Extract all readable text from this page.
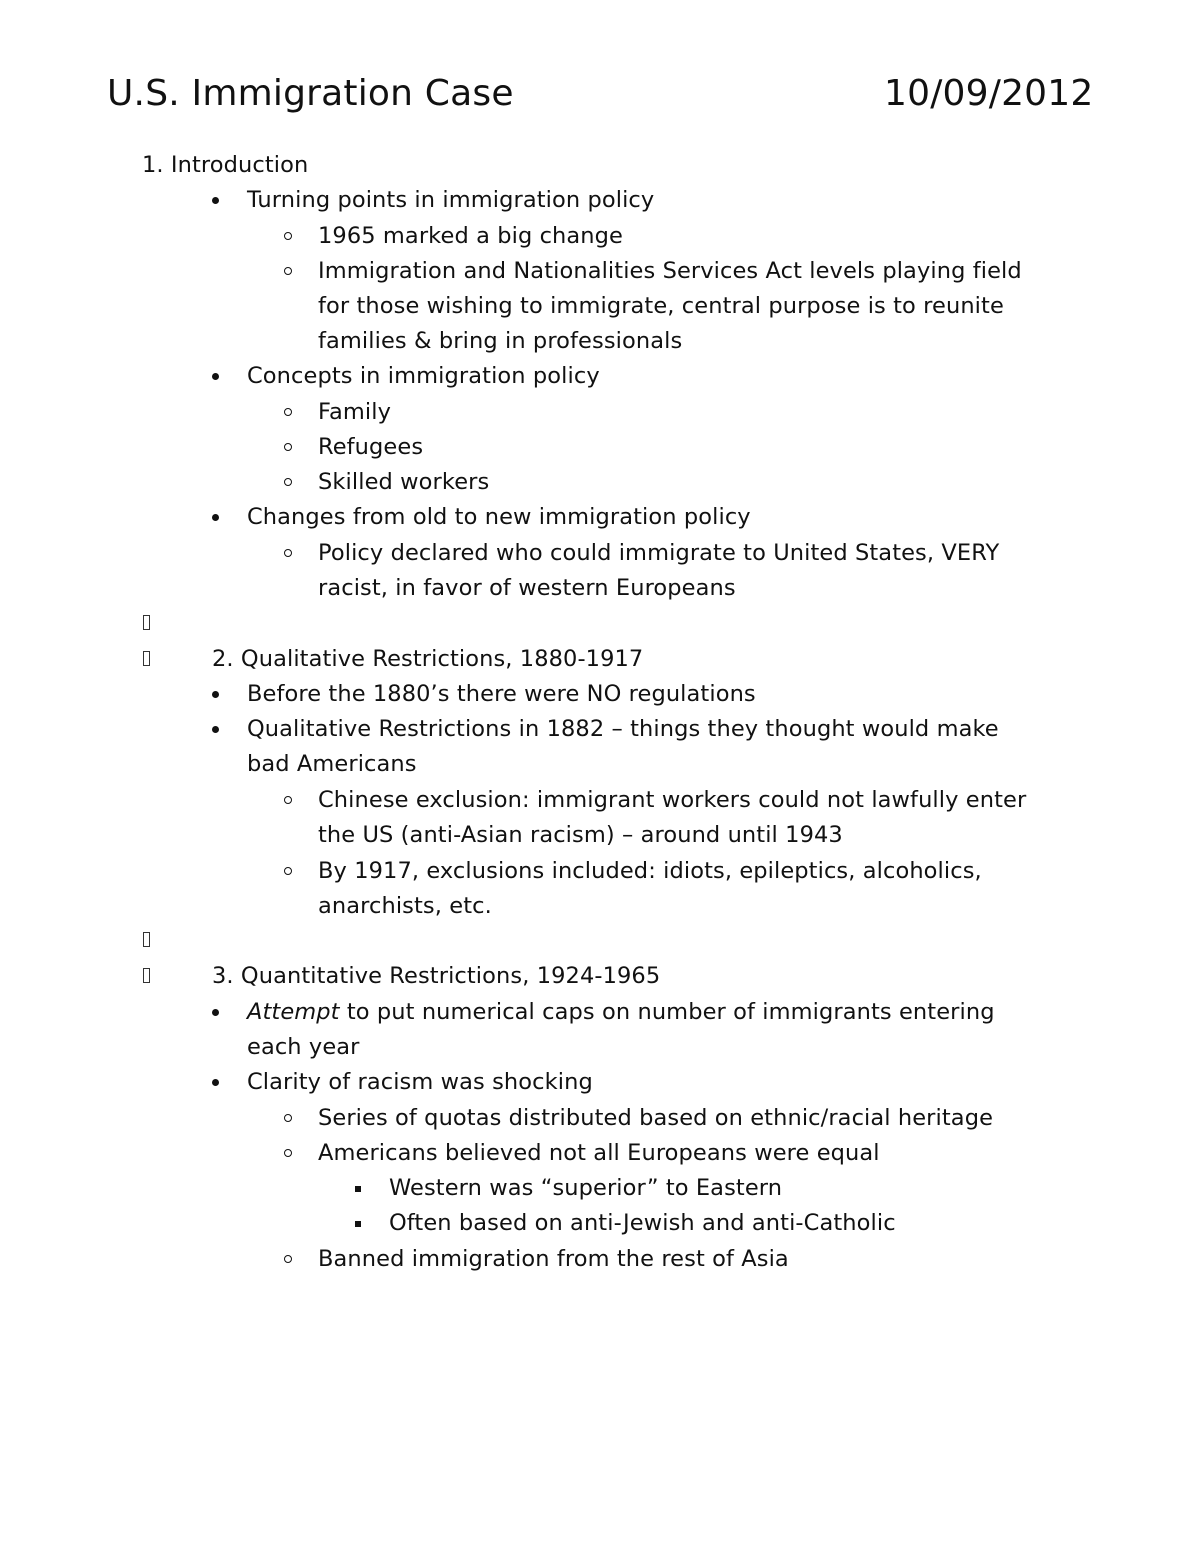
U.S. Immigration Case	10/09/2012
1. Introduction
Turning points in immigration policy
1965 marked a big change
Immigration and Nationalities Services Act levels playing field
for those wishing to immigrate, central purpose is to reunite
families & bring in professionals
Concepts in immigration policy
Family
Refugees
Skilled workers
Changes from old to new immigration policy
Policy declared who could immigrate to United States, VERY
racist, in favor of western Europeans
2. Qualitative Restrictions, 1880-1917
Before the 1880’s there were NO regulations
Qualitative Restrictions in 1882 – things they thought would make
bad Americans
Chinese exclusion: immigrant workers could not lawfully enter
the US (anti-Asian racism) – around until 1943
By 1917, exclusions included: idiots, epileptics, alcoholics,
anarchists, etc.
3. Quantitative Restrictions, 1924-1965
Attempt to put numerical caps on number of immigrants entering
each year
Clarity of racism was shocking
Series of quotas distributed based on ethnic/racial heritage
Americans believed not all Europeans were equal
Western was “superior” to Eastern
Often based on anti-Jewish and anti-Catholic
Banned immigration from the rest of Asia
